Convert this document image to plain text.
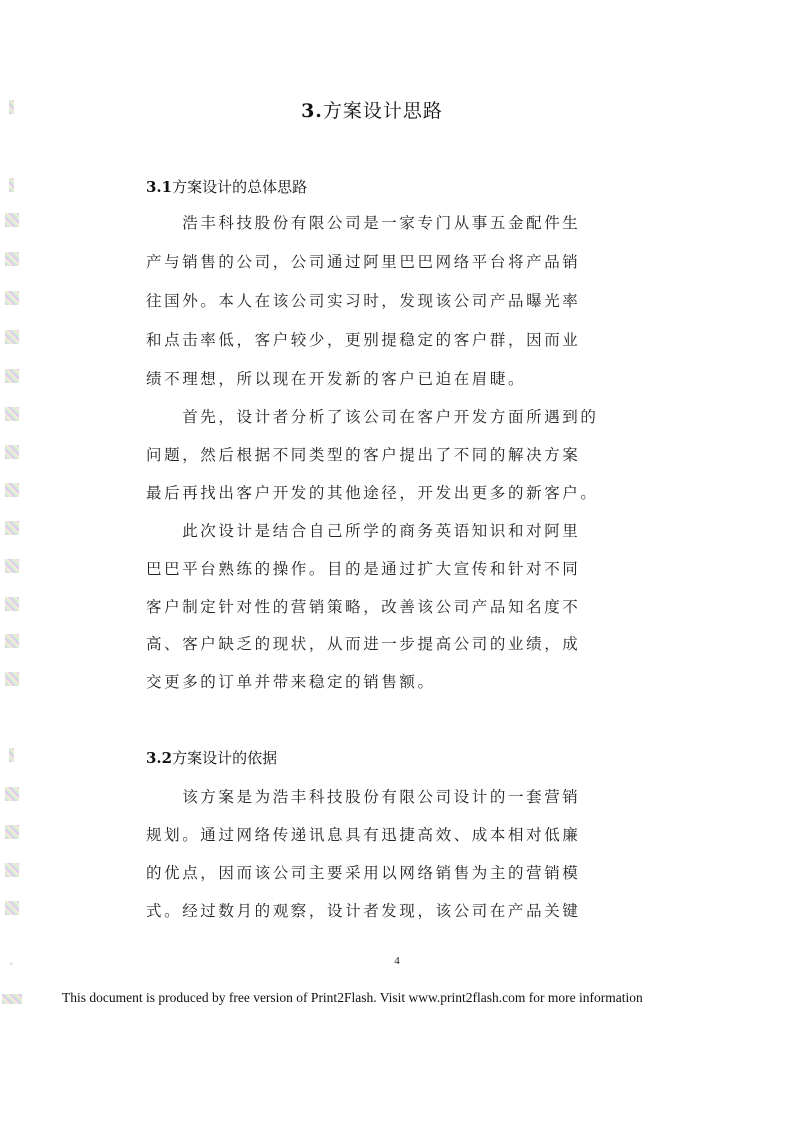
3.方案设计思路
3.1方案设计的总体思路
　　浩丰科技股份有限公司是一家专门从事五金配件生
产与销售的公司，公司通过阿里巴巴网络平台将产品销
往国外。本人在该公司实习时，发现该公司产品曝光率
和点击率低，客户较少，更别提稳定的客户群，因而业
绩不理想，所以现在开发新的客户已迫在眉睫。
　　首先，设计者分析了该公司在客户开发方面所遇到的
问题，然后根据不同类型的客户提出了不同的解决方案
最后再找出客户开发的其他途径，开发出更多的新客户。
　　此次设计是结合自己所学的商务英语知识和对阿里
巴巴平台熟练的操作。目的是通过扩大宣传和针对不同
客户制定针对性的营销策略，改善该公司产品知名度不
高、客户缺乏的现状，从而进一步提高公司的业绩，成
交更多的订单并带来稳定的销售额。
3.2方案设计的依据
　　该方案是为浩丰科技股份有限公司设计的一套营销
规划。通过网络传递讯息具有迅捷高效、成本相对低廉
的优点，因而该公司主要采用以网络销售为主的营销模
式。经过数月的观察，设计者发现，该公司在产品关键
4
This document is produced by free version of Print2Flash. Visit www.print2flash.com for more information
